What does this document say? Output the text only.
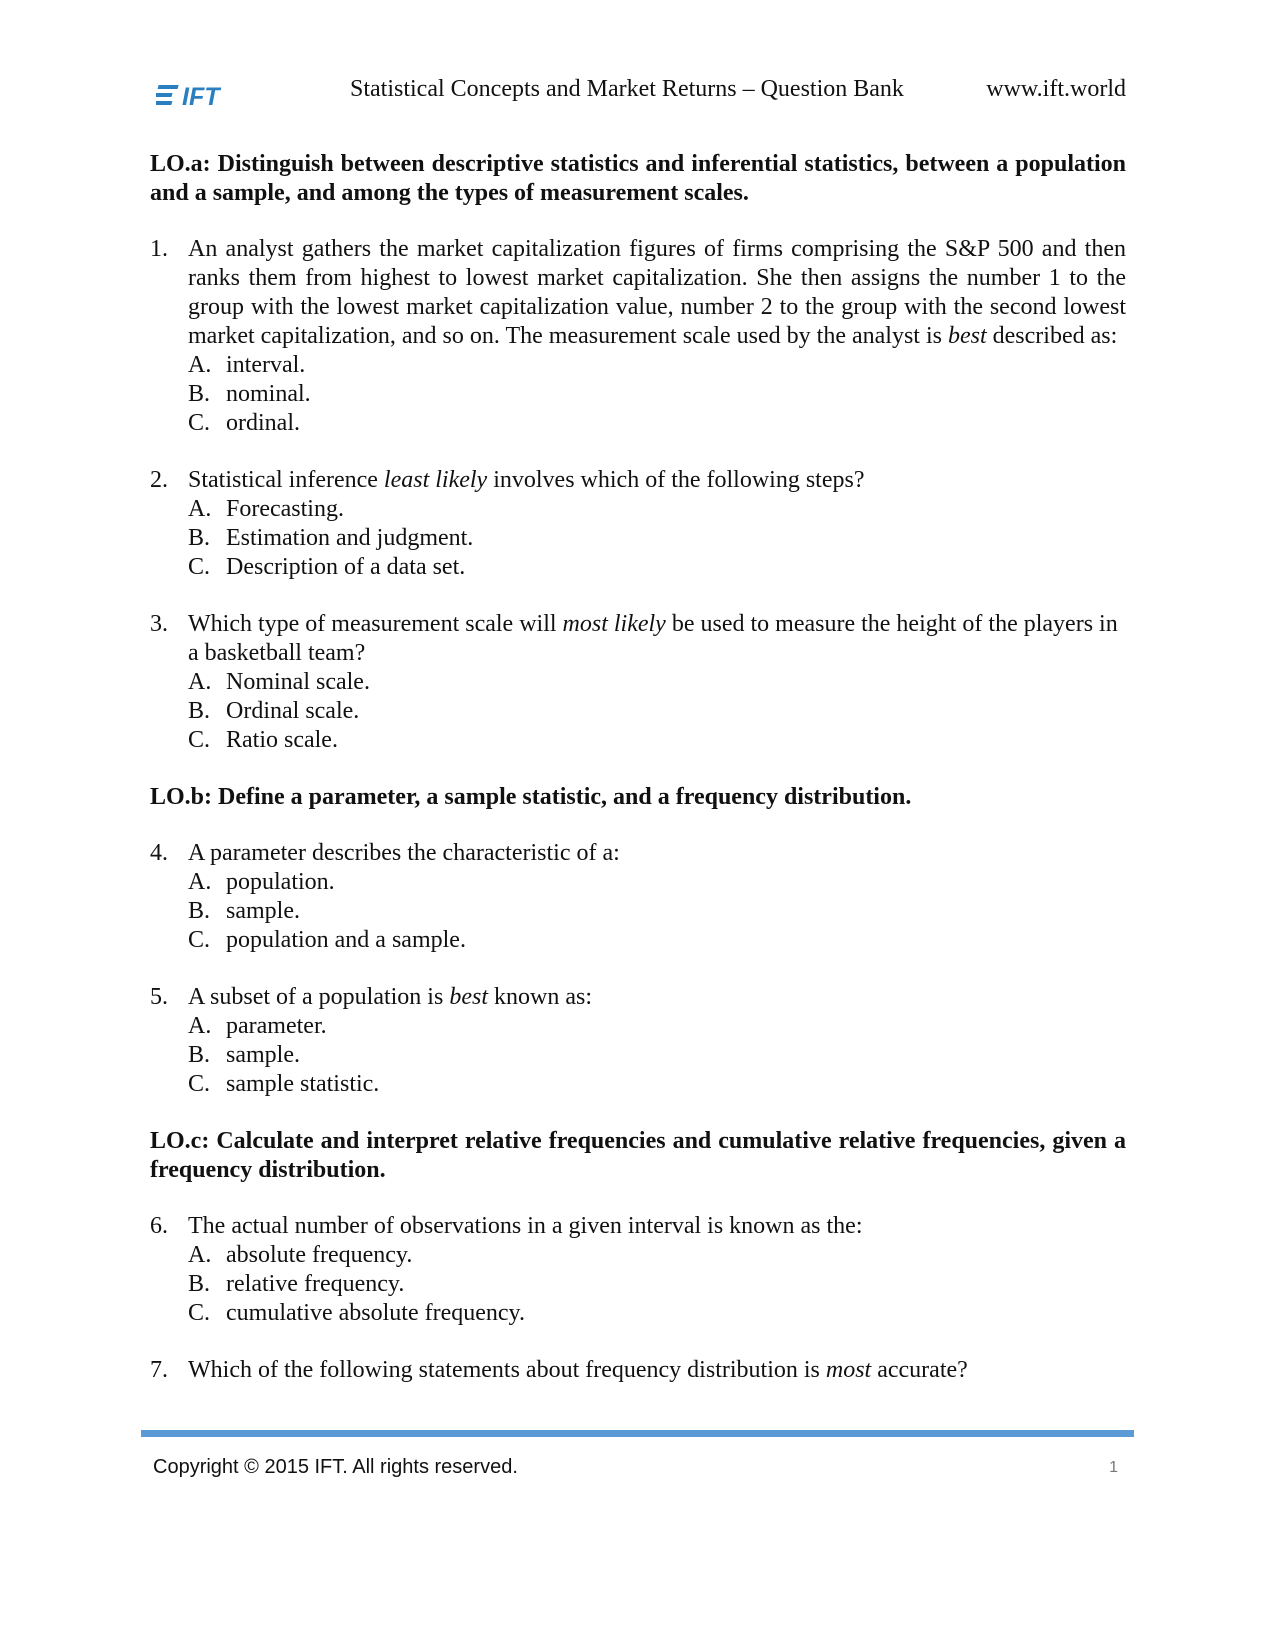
IFT	Statistical Concepts and Market Returns – Question Bank	www.ift.world
LO.a: Distinguish between descriptive statistics and inferential statistics, between a population and a sample, and among the types of measurement scales.
1. An analyst gathers the market capitalization figures of firms comprising the S&P 500 and then ranks them from highest to lowest market capitalization. She then assigns the number 1 to the group with the lowest market capitalization value, number 2 to the group with the second lowest market capitalization, and so on. The measurement scale used by the analyst is best described as:
A. interval.
B. nominal.
C. ordinal.
2. Statistical inference least likely involves which of the following steps?
A. Forecasting.
B. Estimation and judgment.
C. Description of a data set.
3. Which type of measurement scale will most likely be used to measure the height of the players in a basketball team?
A. Nominal scale.
B. Ordinal scale.
C. Ratio scale.
LO.b: Define a parameter, a sample statistic, and a frequency distribution.
4. A parameter describes the characteristic of a:
A. population.
B. sample.
C. population and a sample.
5. A subset of a population is best known as:
A. parameter.
B. sample.
C. sample statistic.
LO.c: Calculate and interpret relative frequencies and cumulative relative frequencies, given a frequency distribution.
6. The actual number of observations in a given interval is known as the:
A. absolute frequency.
B. relative frequency.
C. cumulative absolute frequency.
7. Which of the following statements about frequency distribution is most accurate?
Copyright © 2015 IFT. All rights reserved.	1
